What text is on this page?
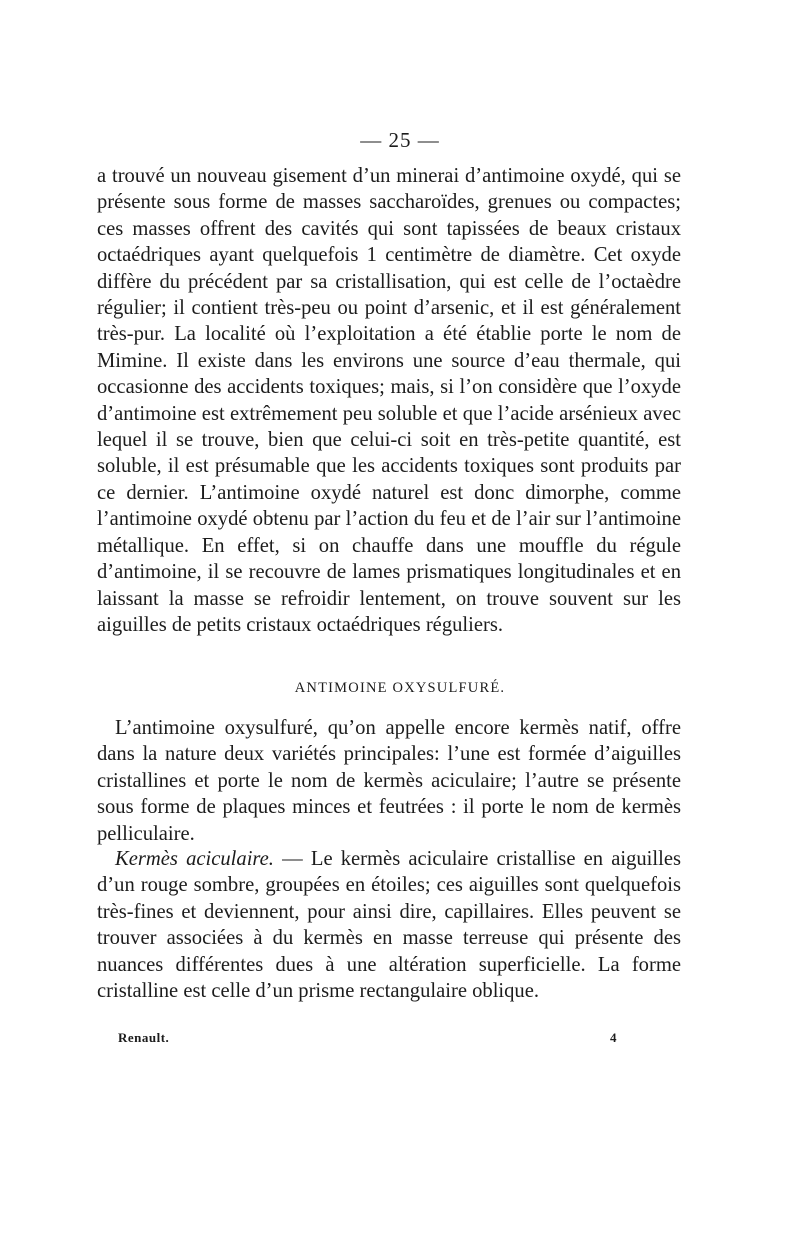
— 25 —

a trouvé un nouveau gisement d’un minerai d’antimoine oxydé, qui se présente sous forme de masses saccharoïdes, grenues ou compactes; ces masses offrent des cavités qui sont tapissées de beaux cristaux octaédriques ayant quelquefois 1 centimètre de diamètre. Cet oxyde diffère du précédent par sa cristallisation, qui est celle de l’octaèdre régulier; il contient très-peu ou point d’arsenic, et il est généralement très-pur. La localité où l’exploitation a été établie porte le nom de Mimine. Il existe dans les environs une source d’eau thermale, qui occasionne des accidents toxiques; mais, si l’on considère que l’oxyde d’antimoine est extrêmement peu soluble et que l’acide arsénieux avec lequel il se trouve, bien que celui-ci soit en très-petite quantité, est soluble, il est présumable que les accidents toxiques sont produits par ce dernier. L’antimoine oxydé naturel est donc dimorphe, comme l’antimoine oxydé obtenu par l’action du feu et de l’air sur l’antimoine métallique. En effet, si on chauffe dans une mouffle du régule d’antimoine, il se recouvre de lames prismatiques longitudinales et en laissant la masse se refroidir lentement, on trouve souvent sur les aiguilles de petits cristaux octaédriques réguliers.

ANTIMOINE OXYSULFURÉ.

L’antimoine oxysulfuré, qu’on appelle encore kermès natif, offre dans la nature deux variétés principales: l’une est formée d’aiguilles cristallines et porte le nom de kermès aciculaire; l’autre se présente sous forme de plaques minces et feutrées : il porte le nom de kermès pelliculaire.

Kermès aciculaire. — Le kermès aciculaire cristallise en aiguilles d’un rouge sombre, groupées en étoiles; ces aiguilles sont quelquefois très-fines et deviennent, pour ainsi dire, capillaires. Elles peuvent se trouver associées à du kermès en masse terreuse qui présente des nuances différentes dues à une altération superficielle. La forme cristalline est celle d’un prisme rectangulaire oblique.

Renault.	4
